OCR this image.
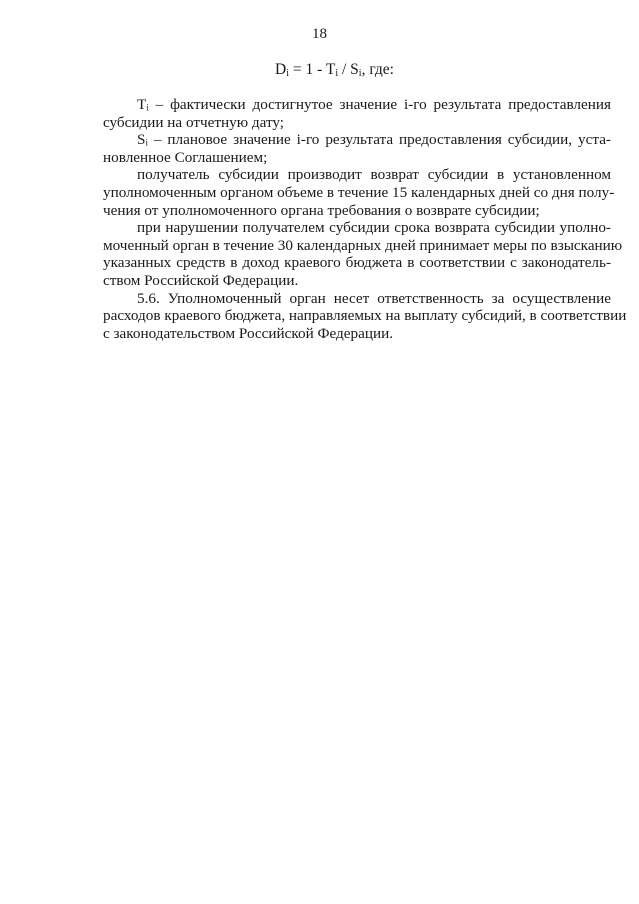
18
$D_i = 1 - T_i / S_i$, где:
Tᵢ – фактически достигнутое значение i-го результата предоставления
субсидии на отчетную дату;
Sᵢ – плановое значение i-го результата предоставления субсидии, уста-
новленное Соглашением;
получатель субсидии производит возврат субсидии в установленном
уполномоченным органом объеме в течение 15 календарных дней со дня полу-
чения от уполномоченного органа требования о возврате субсидии;
при нарушении получателем субсидии срока возврата субсидии уполно-
моченный орган в течение 30 календарных дней принимает меры по взысканию
указанных средств в доход краевого бюджета в соответствии с законодатель-
ством Российской Федерации.
5.6. Уполномоченный орган несет ответственность за осуществление
расходов краевого бюджета, направляемых на выплату субсидий, в соответствии
с законодательством Российской Федерации.
